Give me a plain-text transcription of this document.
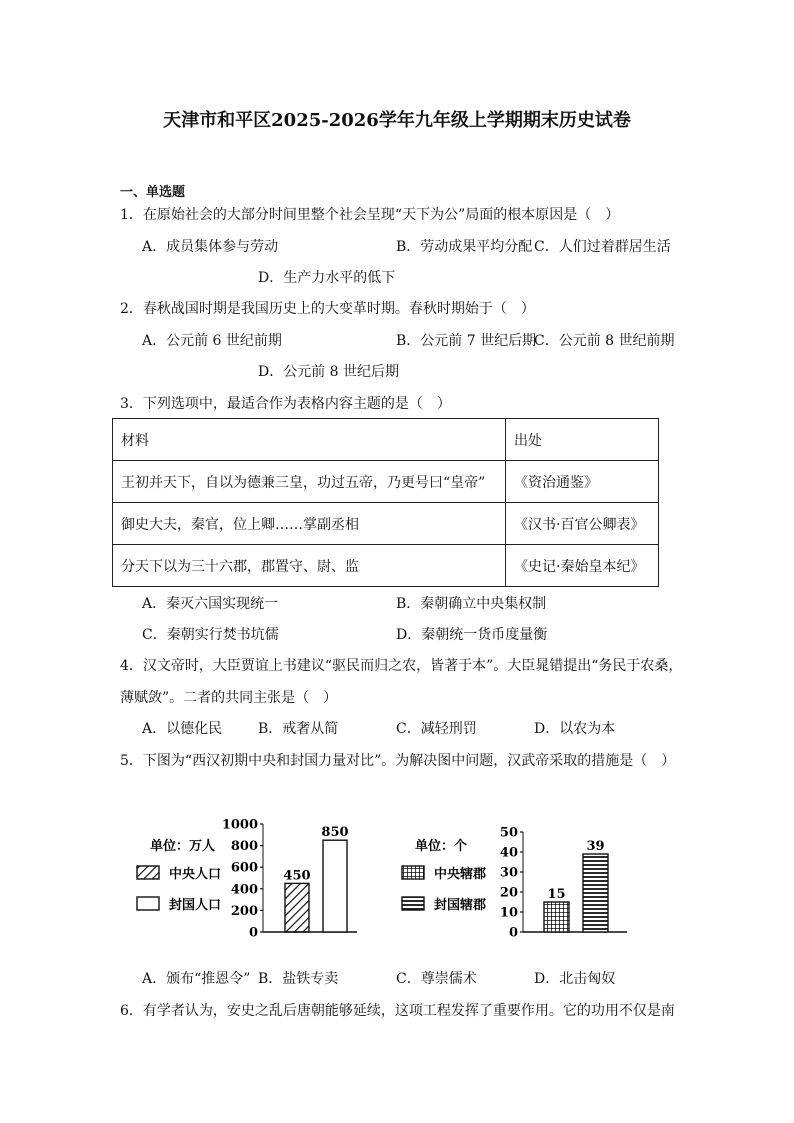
天津市和平区2025-2026学年九年级上学期期末历史试卷
一、单选题
1．在原始社会的大部分时间里整个社会呈现“天下为公”局面的根本原因是（　）
A．成员集体参与劳动	B．劳动成果平均分配 C．人们过着群居生活
D．生产力水平的低下
2．春秋战国时期是我国历史上的大变革时期。春秋时期始于（　）
A．公元前 6 世纪前期	B．公元前 7 世纪后期
C．公元前 8 世纪前期
D．公元前 8 世纪后期
3．下列选项中，最适合作为表格内容主题的是（　）
材料	出处
王初并天下，自以为德兼三皇，功过五帝，乃更号曰“皇帝”	《资治通鉴》
御史大夫，秦官，位上卿……掌副丞相	《汉书·百官公卿表》
分天下以为三十六郡，郡置守、尉、监	《史记·秦始皇本纪》
A．秦灭六国实现统一	B．秦朝确立中央集权制
C．秦朝实行焚书坑儒	D．秦朝统一货币度量衡
4．汉文帝时，大臣贾谊上书建议“驱民而归之农，皆著于本”。大臣晁错提出“务民于农桑，
薄赋敛”。二者的共同主张是（　）
A．以德化民	B．戒奢从简	C．减轻刑罚	D．以农为本
5．下图为“西汉初期中央和封国力量对比”。为解决图中问题，汉武帝采取的措施是（　）
单位：万人
中央人口
封国人口
0
200
400
600
800
1000
450
850
单位：个
中央辖郡
封国辖郡
0
10
20
30
40
50
15
39
A．颁布“推恩令” B．盐铁专卖	C．尊崇儒术	D．北击匈奴
6．有学者认为，安史之乱后唐朝能够延续，这项工程发挥了重要作用。它的功用不仅是南
